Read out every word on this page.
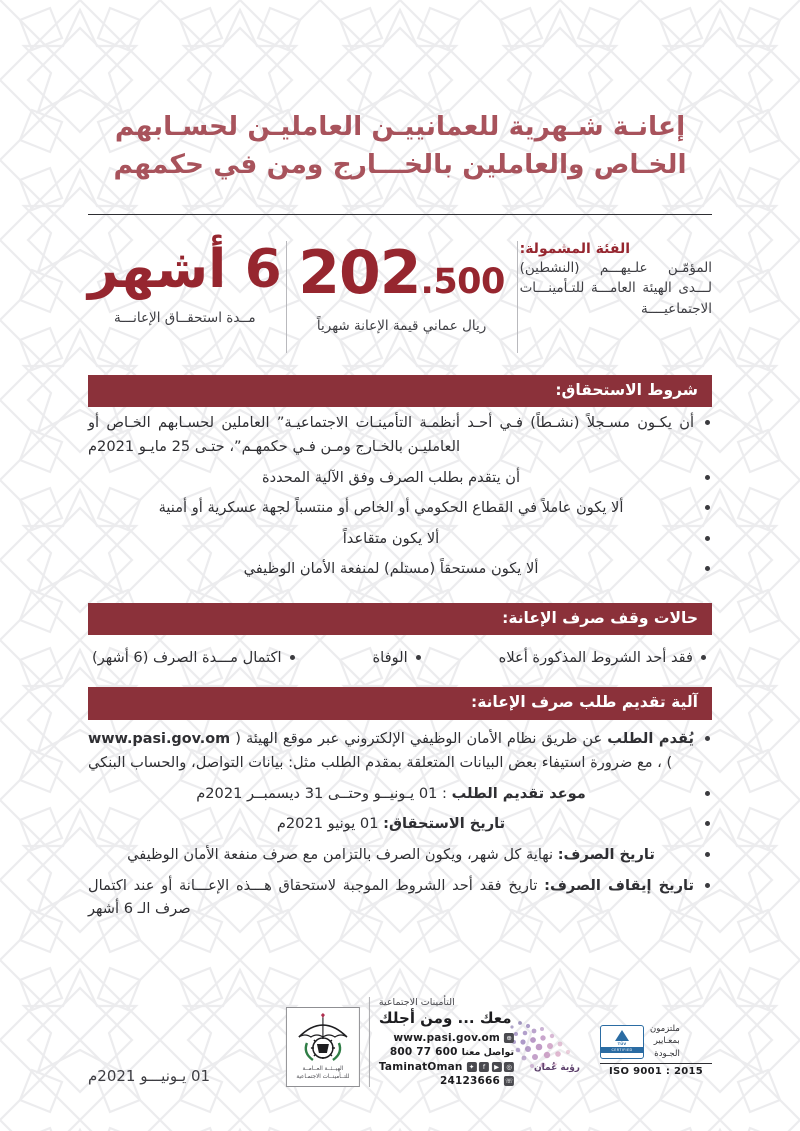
إعانـة شـهرية للعمانييـن العامليـن لحسـابهم
الخـاص والعاملين بالخـــارج ومن في حكمهم
الفئة المشمولة:
المؤمّـن علـيهـــم (النشطين) لـــدى الهيئة العامـــة للتـأمينـــات الاجتماعيــــة
202.500
ريال عماني قيمة الإعانة شهرياً
6 أشهر
مــدة استحقــاق الإعانـــة
شروط الاستحقاق:
أن يكـون مسـجلاً (نشـطاً) فـي أحـد أنظمـة التأمينـات الاجتماعيـة” العاملين لحسـابهم الخـاص أو العامليـن بالخـارج ومـن فـي حكمهـم”، حتـى 25 مايـو 2021م
أن يتقدم بطلب الصرف وفق الآلية المحددة
ألا يكون عاملاً في القطاع الحكومي أو الخاص أو منتسباً لجهة عسكرية أو أمنية
ألا يكون متقاعداً
ألا يكون مستحقاً (مستلم) لمنفعة الأمان الوظيفي
حالات وقف صرف الإعانة:
فقد أحد الشروط المذكورة أعلاه
الوفاة
اكتمال مـــدة الصرف (6 أشهر)
آلية تقديم طلب صرف الإعانة:
يُقدم الطلب عن طريق نظام الأمان الوظيفي الإلكتروني عبر موقع الهيئة ( www.pasi.gov.om ) ، مع ضرورة استيفاء بعض البيانات المتعلقة بمقدم الطلب مثل: بيانات التواصل، والحساب البنكي
موعد تقديم الطلب : 01 يـونيــو وحتــى 31 ديسمبــر 2021م
تاريخ الاستحقاق: 01 يونيو 2021م
تاريخ الصرف: نهاية كل شهر، ويكون الصرف بالتزامن مع صرف منفعة الأمان الوظيفي
تاريخ إيقاف الصرف: تاريخ فقد أحد الشروط الموجبة لاستحقاق هـــذه الإعـــانة أو عند اكتمال صرف الـ 6 أشهر
ملتزمون
بمعـايير
الجـودة
TÜV
CERTIFIED
ISO 9001 : 2015
رؤية عُمان
التأمينات الاجتماعية
معك ... ومن أجلك
⊕
www.pasi.gov.om
تواصل معنا
800 77 600
◎
▶
f
✦
TaminatOman
☏
24123666
الهيــئــة العــامــة
للتــأمينــات الاجتمـاعية
01 يـونيـــو 2021م
